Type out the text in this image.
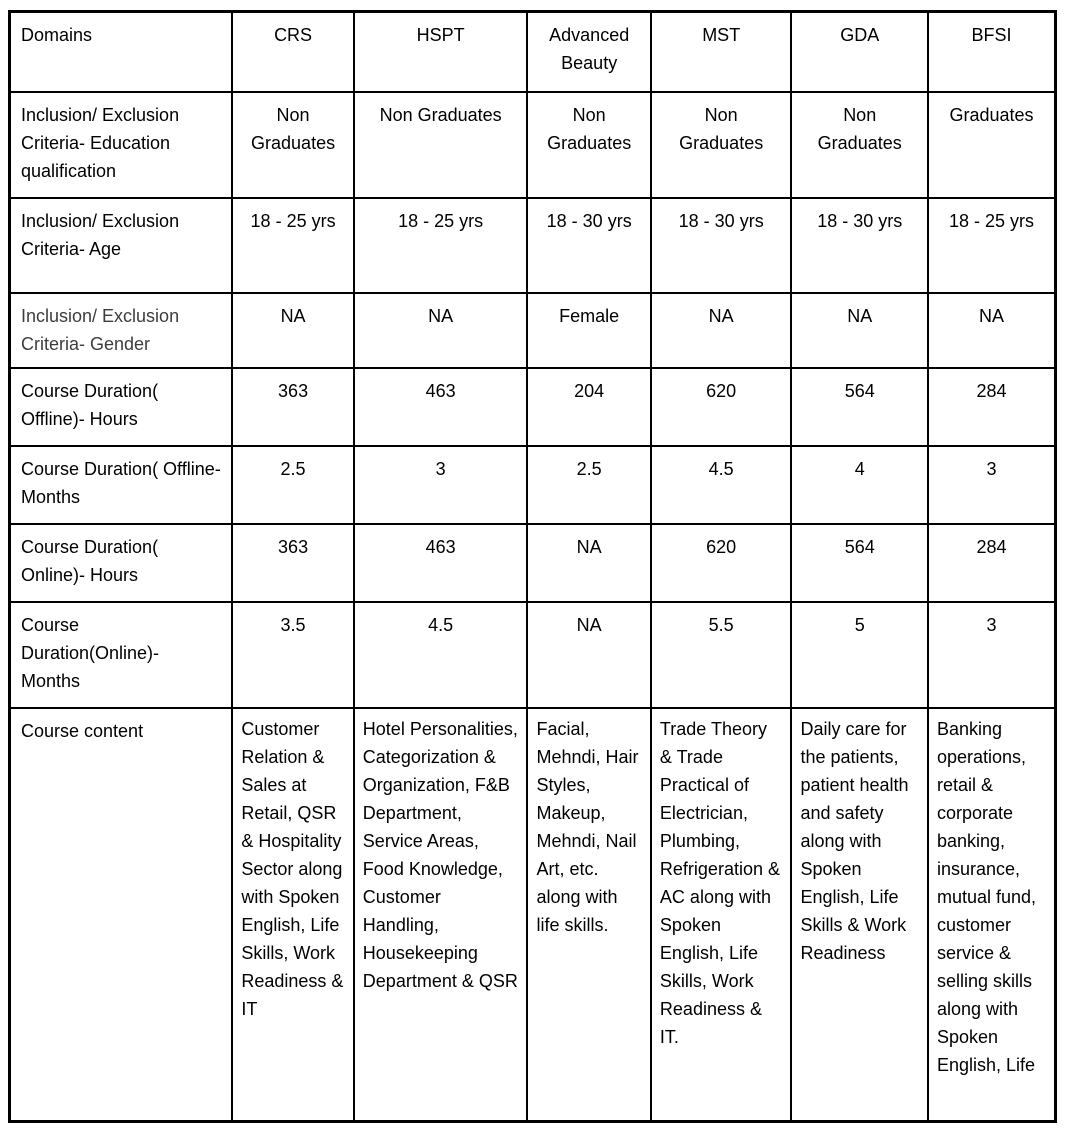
Domains	CRS	HSPT	Advanced Beauty	MST	GDA	BFSI
Inclusion/ Exclusion Criteria- Education qualification	Non Graduates	Non Graduates	Non Graduates	Non Graduates	Non Graduates	Graduates
Inclusion/ Exclusion Criteria- Age	18 - 25 yrs	18 - 25 yrs	18 - 30 yrs	18 - 30 yrs	18 - 30 yrs	18 - 25 yrs
Inclusion/ Exclusion Criteria- Gender	NA	NA	Female	NA	NA	NA
Course Duration( Offline)- Hours	363	463	204	620	564	284
Course Duration( Offline- Months	2.5	3	2.5	4.5	4	3
Course Duration( Online)- Hours	363	463	NA	620	564	284
Course Duration(Online)- Months	3.5	4.5	NA	5.5	5	3
Course content	Customer Relation & Sales at Retail, QSR & Hospitality Sector along with Spoken English, Life Skills, Work Readiness & IT	Hotel Personalities, Categorization & Organization, F&B Department, Service Areas, Food Knowledge, Customer Handling, Housekeeping Department & QSR	Facial, Mehndi, Hair Styles, Makeup, Mehndi, Nail Art, etc. along with life skills.	Trade Theory & Trade Practical of Electrician, Plumbing, Refrigeration & AC along with Spoken English, Life Skills, Work Readiness & IT.	Daily care for the patients, patient health and safety along with Spoken English, Life Skills & Work Readiness	Banking operations, retail & corporate banking, insurance, mutual fund, customer service & selling skills along with Spoken English, Life
